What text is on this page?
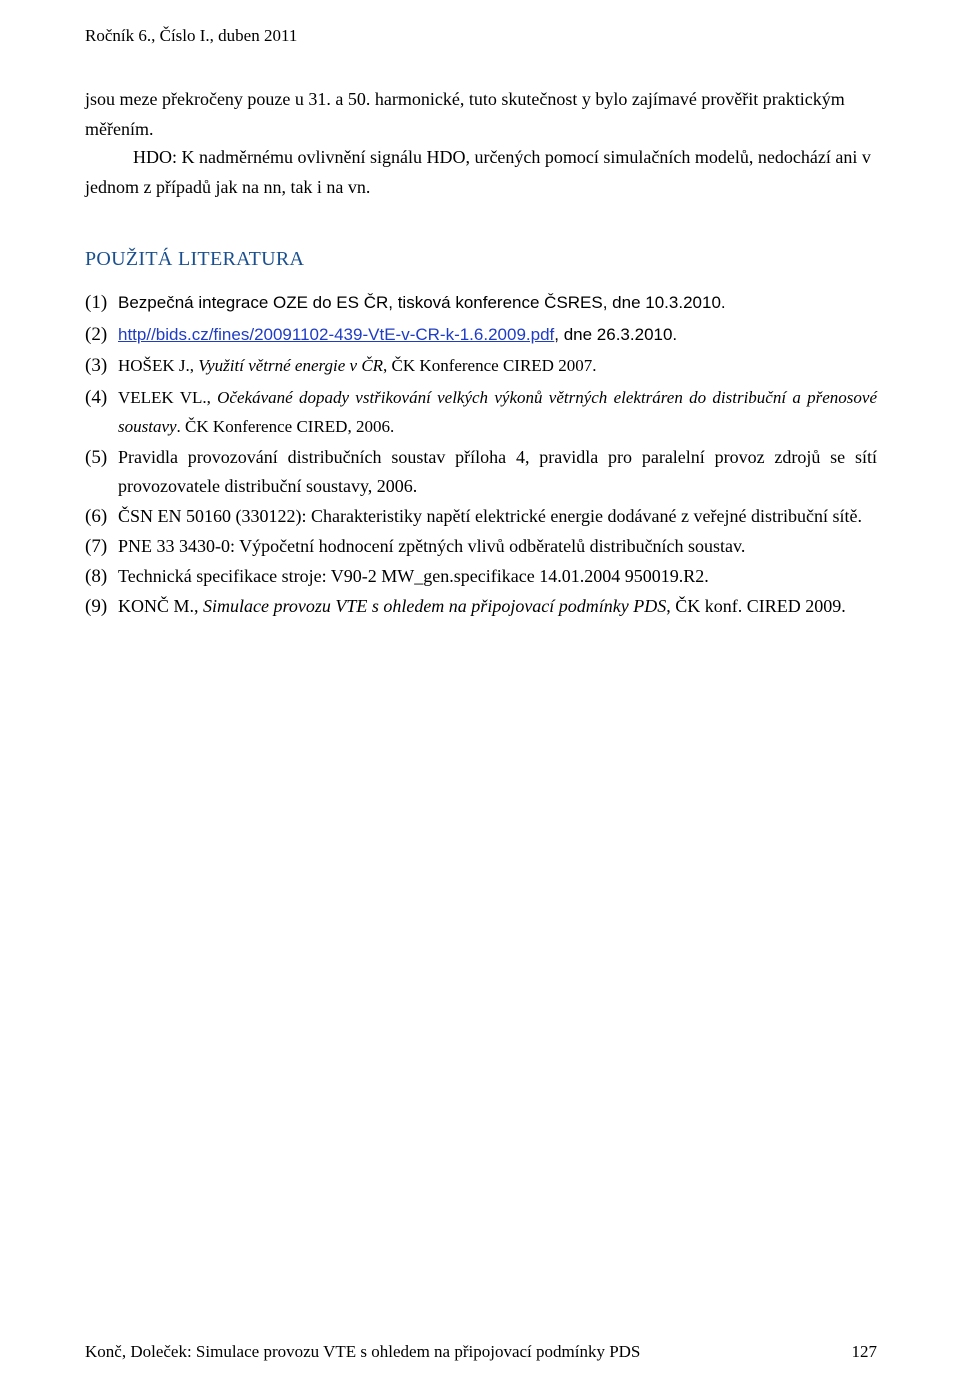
Ročník 6., Číslo I., duben 2011
jsou meze překročeny pouze u 31. a 50. harmonické, tuto skutečnost y bylo zajímavé prověřit praktickým měřením.
HDO: K nadměrnému ovlivnění signálu HDO, určených pomocí simulačních modelů, nedochází ani v jednom z případů jak na nn, tak i na vn.
POUŽITÁ LITERATURA
(1) Bezpečná integrace OZE do ES ČR, tisková konference ČSRES, dne 10.3.2010.
(2) http//bids.cz/fines/20091102-439-VtE-v-CR-k-1.6.2009.pdf, dne 26.3.2010.
(3) HOŠEK J., Využití větrné energie v ČR, ČK Konference CIRED 2007.
(4) VELEK VL., Očekávané dopady vstřikování velkých výkonů větrných elektráren do distribuční a přenosové soustavy. ČK Konference CIRED, 2006.
(5) Pravidla provozování distribučních soustav příloha 4, pravidla pro paralelní provoz zdrojů se sítí provozovatele distribuční soustavy, 2006.
(6) ČSN EN 50160 (330122): Charakteristiky napětí elektrické energie dodávané z veřejné distribuční sítě.
(7) PNE 33 3430-0: Výpočetní hodnocení zpětných vlivů odběratelů distribučních soustav.
(8) Technická specifikace stroje: V90-2 MW_gen.specifikace 14.01.2004 950019.R2.
(9) KONČ M., Simulace provozu VTE s ohledem na připojovací podmínky PDS, ČK konf. CIRED 2009.
Konč, Dolеček: Simulace provozu VTE s ohledem na připojovací podmínky PDS	127
